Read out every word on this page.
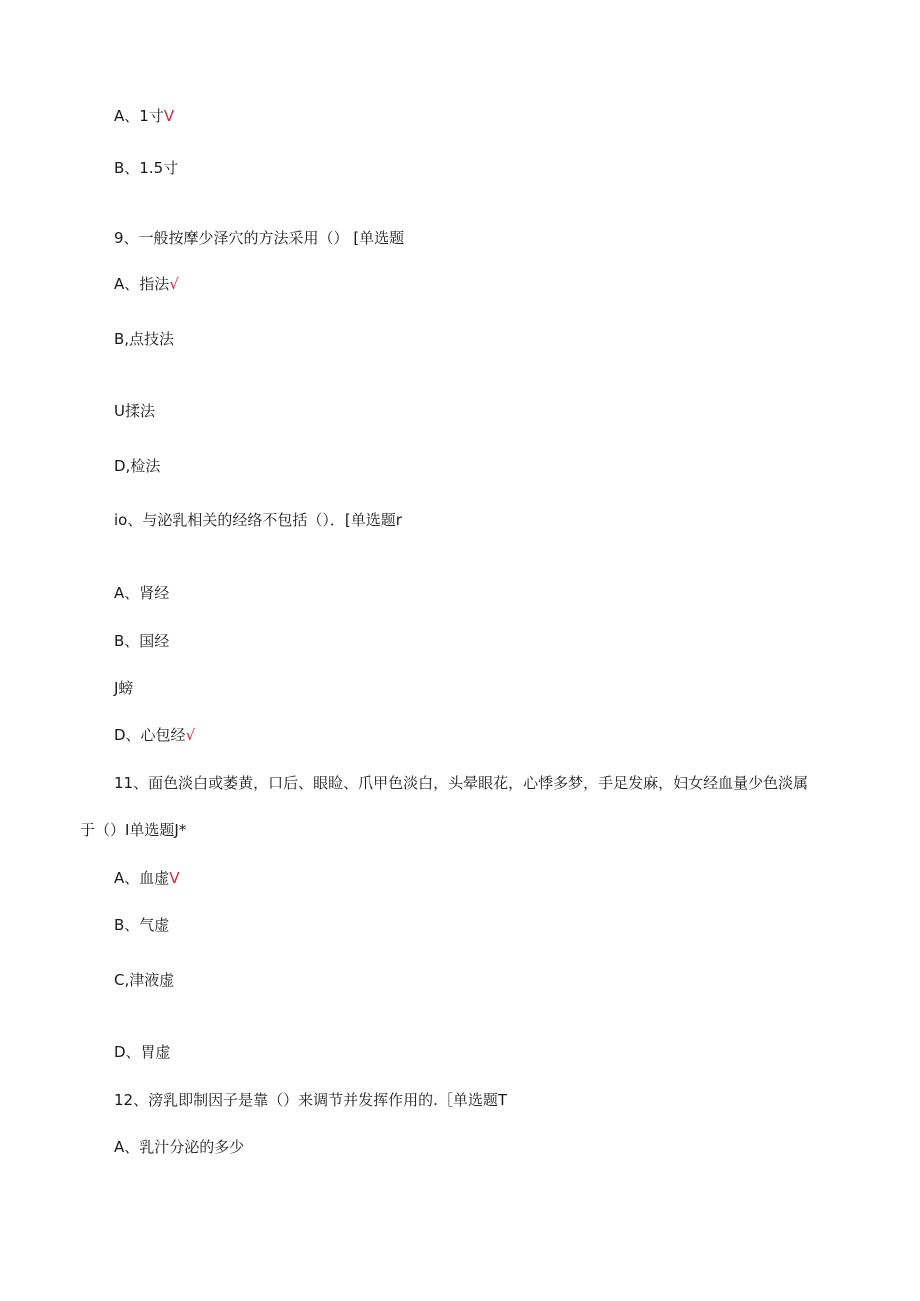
A、1寸V
B、1.5寸
9、一般按摩少泽穴的方法采用（） [单选题
A、指法√
B,点技法
U揉法
D,检法
io、与泌乳相关的经络不包括（）．[单选题r
A、肾经
B、国经
J螃
D、心包经√
11、面色淡白或萎黄，口后、眼睑、爪甲色淡白，头晕眼花，心悸多梦，手足发麻，妇女经血量少色淡属
于（）I单选题J*
A、血虚V
B、气虚
C,津液虚
D、胃虚
12、滂乳即制因子是靠（）来调节并发挥作用的.［单选题T
A、乳汁分泌的多少
